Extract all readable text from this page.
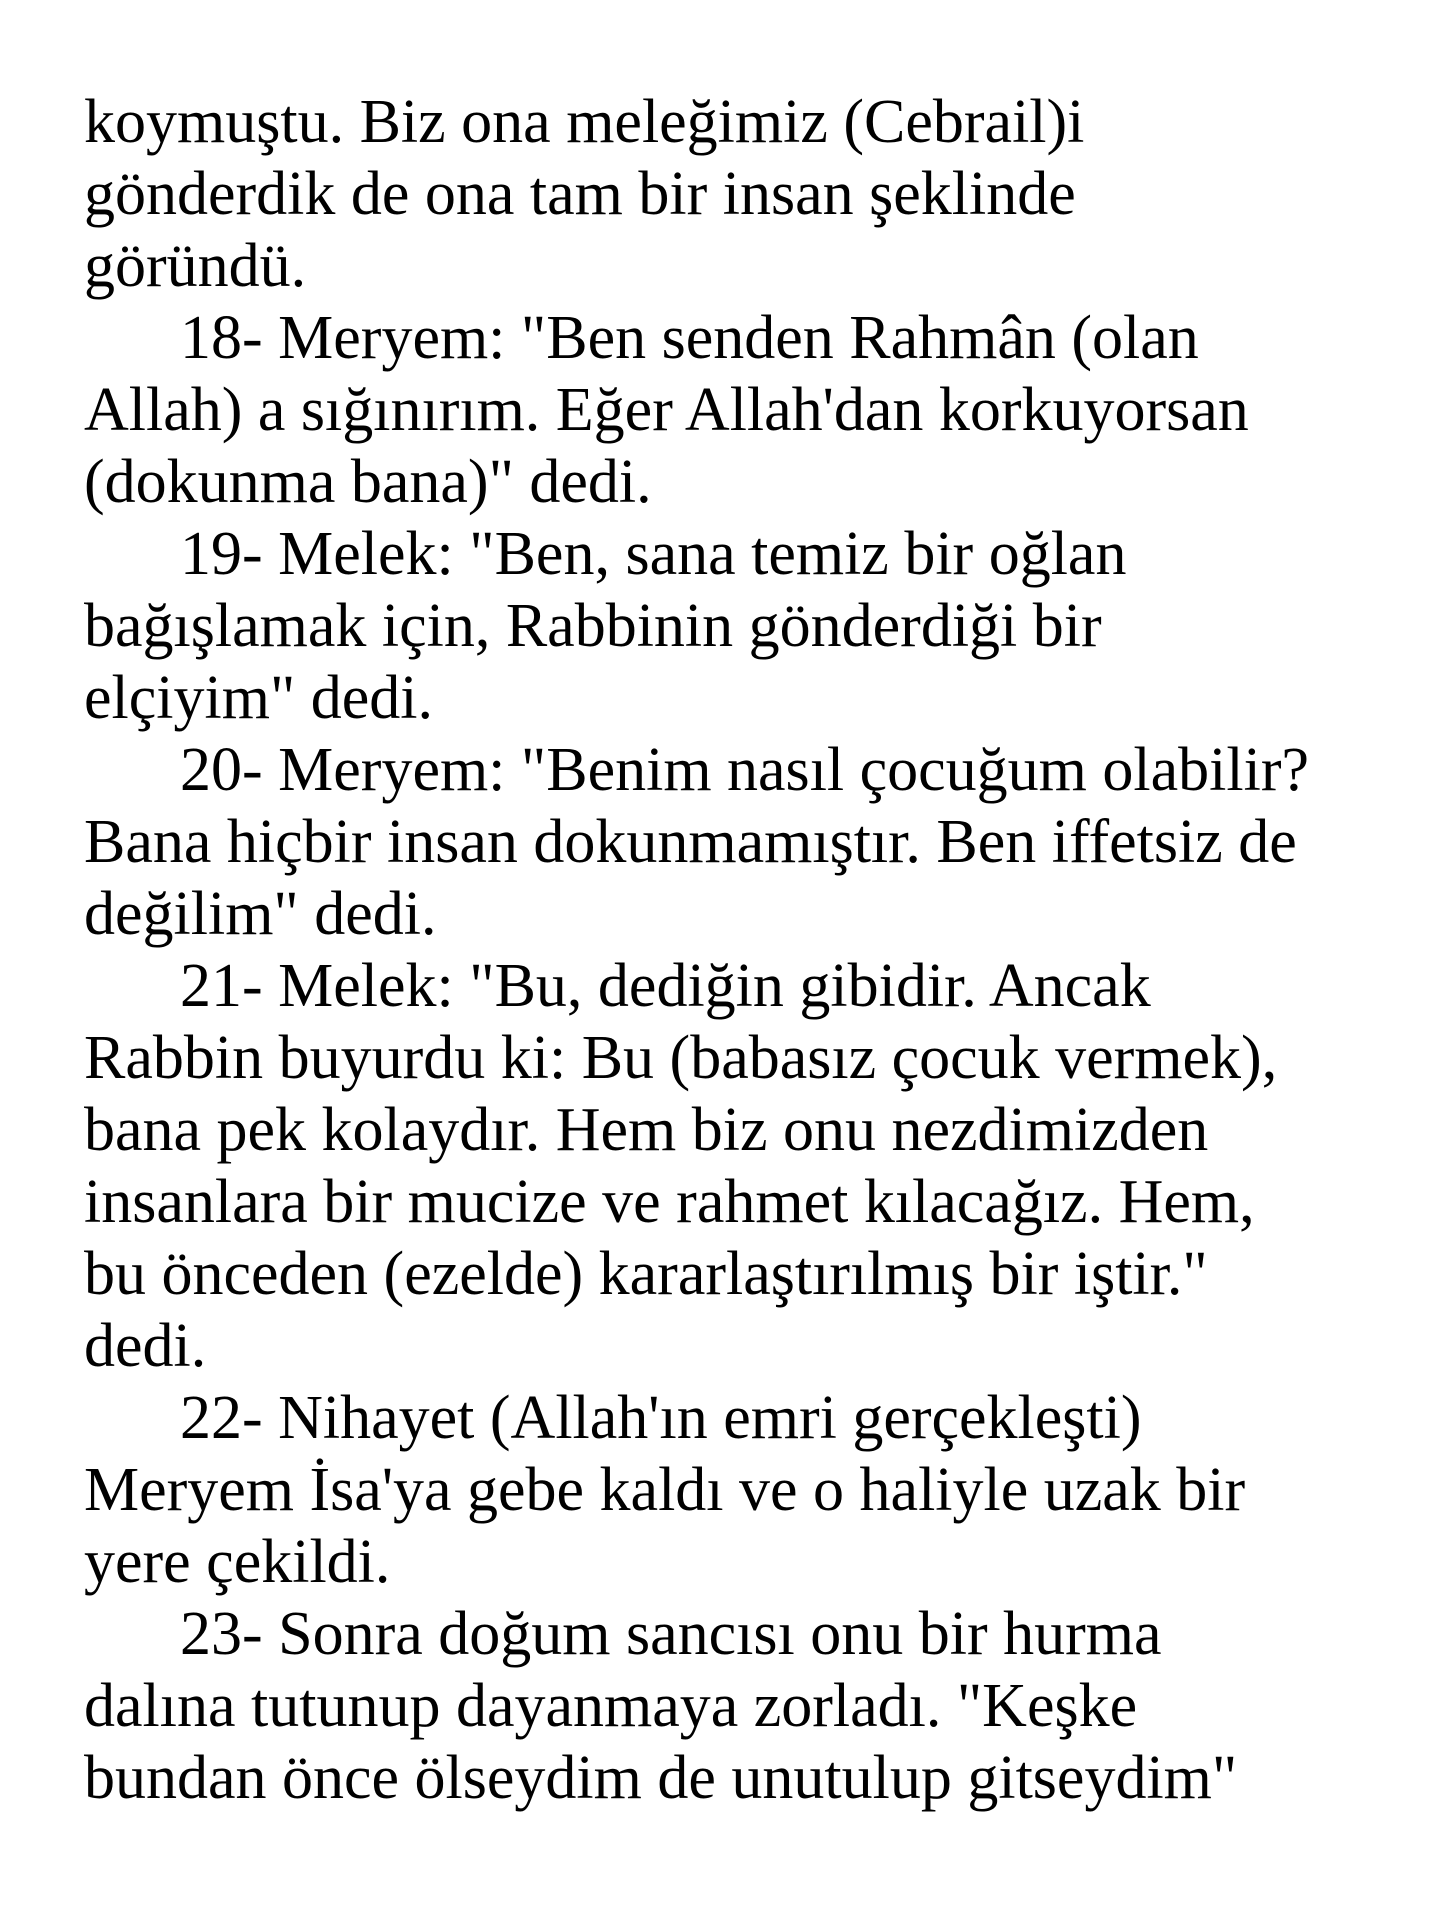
koymuştu. Biz ona meleğimiz (Cebrail)i
gönderdik de ona tam bir insan şeklinde
göründü.
18- Meryem: "Ben senden Rahmân (olan
Allah) a sığınırım. Eğer Allah'dan korkuyorsan
(dokunma bana)" dedi.
19- Melek: "Ben, sana temiz bir oğlan
bağışlamak için, Rabbinin gönderdiği bir
elçiyim" dedi.
20- Meryem: "Benim nasıl çocuğum olabilir?
Bana hiçbir insan dokunmamıştır. Ben iffetsiz de
değilim" dedi.
21- Melek: "Bu, dediğin gibidir. Ancak
Rabbin buyurdu ki: Bu (babasız çocuk vermek),
bana pek kolaydır. Hem biz onu nezdimizden
insanlara bir mucize ve rahmet kılacağız. Hem,
bu önceden (ezelde) kararlaştırılmış bir iştir."
dedi.
22- Nihayet (Allah'ın emri gerçekleşti)
Meryem İsa'ya gebe kaldı ve o haliyle uzak bir
yere çekildi.
23- Sonra doğum sancısı onu bir hurma
dalına tutunup dayanmaya zorladı. "Keşke
bundan önce ölseydim de unutulup gitseydim"
